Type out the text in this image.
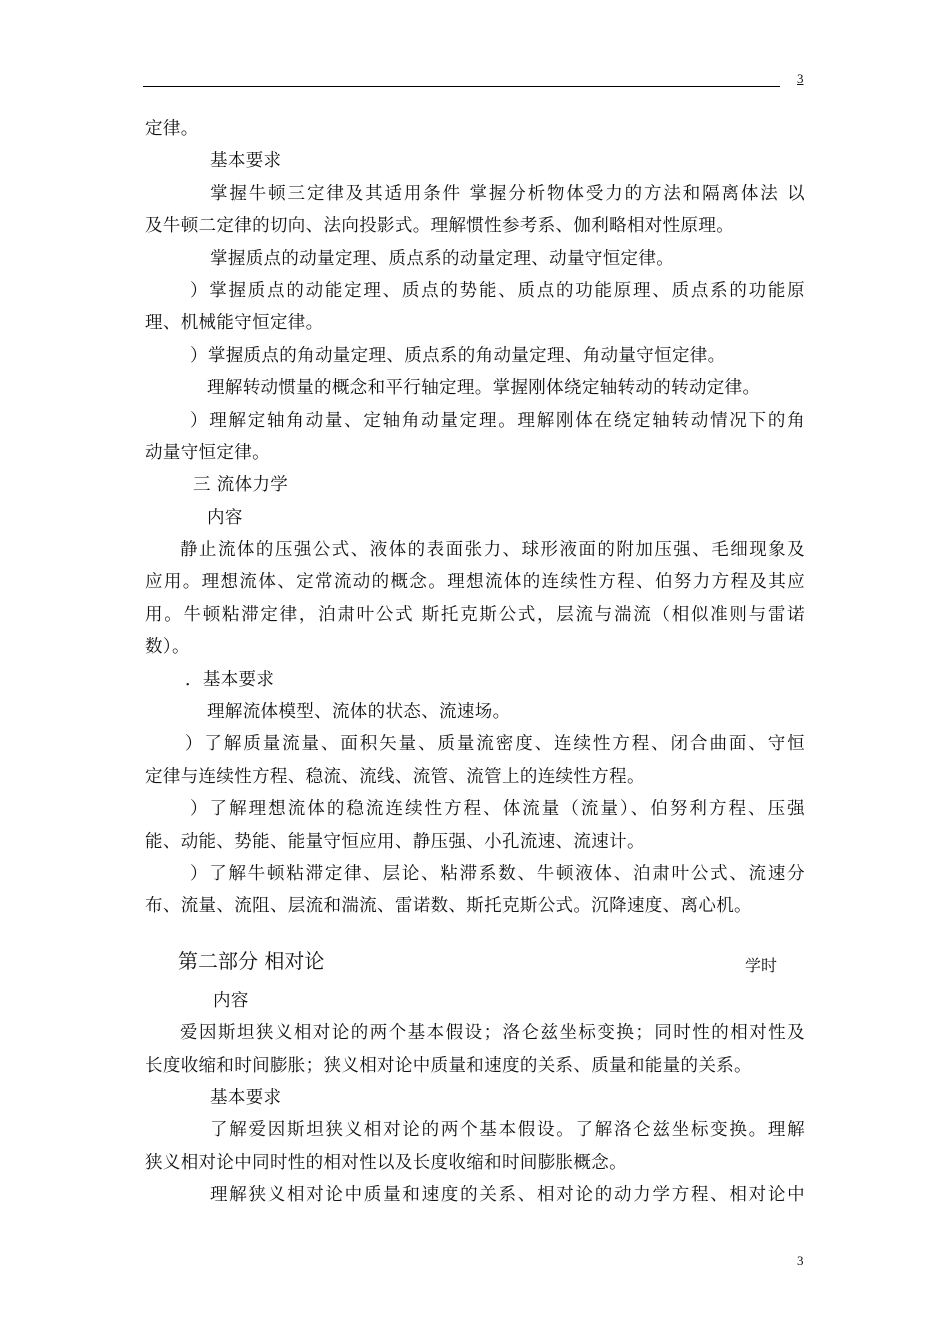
3
定律。
基本要求
掌握牛顿三定律及其适用条件 掌握分析物体受力的方法和隔离体法 以
及牛顿二定律的切向、法向投影式。理解惯性参考系、伽利略相对性原理。
掌握质点的动量定理、质点系的动量定理、动量守恒定律。
）掌握质点的动能定理、质点的势能、质点的功能原理、质点系的功能原
理、机械能守恒定律。
）掌握质点的角动量定理、质点系的角动量定理、角动量守恒定律。
理解转动惯量的概念和平行轴定理。掌握刚体绕定轴转动的转动定律。
）理解定轴角动量、定轴角动量定理。理解刚体在绕定轴转动情况下的角
动量守恒定律。
三 流体力学
内容
静止流体的压强公式、液体的表面张力、球形液面的附加压强、毛细现象及
应用。理想流体、定常流动的概念。理想流体的连续性方程、伯努力方程及其应
用。牛顿粘滞定律，泊肃叶公式 斯托克斯公式，层流与湍流（相似准则与雷诺
数）。
．基本要求
理解流体模型、流体的状态、流速场。
）了解质量流量、面积矢量、质量流密度、连续性方程、闭合曲面、守恒
定律与连续性方程、稳流、流线、流管、流管上的连续性方程。
）了解理想流体的稳流连续性方程、体流量（流量）、伯努利方程、压强
能、动能、势能、能量守恒应用、静压强、小孔流速、流速计。
）了解牛顿粘滞定律、层论、粘滞系数、牛顿液体、泊肃叶公式、流速分
布、流量、流阻、层流和湍流、雷诺数、斯托克斯公式。沉降速度、离心机。
第二部分 相对论	学时
内容
爱因斯坦狭义相对论的两个基本假设；洛仑兹坐标变换；同时性的相对性及
长度收缩和时间膨胀；狭义相对论中质量和速度的关系、质量和能量的关系。
基本要求
了解爱因斯坦狭义相对论的两个基本假设。了解洛仑兹坐标变换。理解
狭义相对论中同时性的相对性以及长度收缩和时间膨胀概念。
理解狭义相对论中质量和速度的关系、相对论的动力学方程、相对论中
3
